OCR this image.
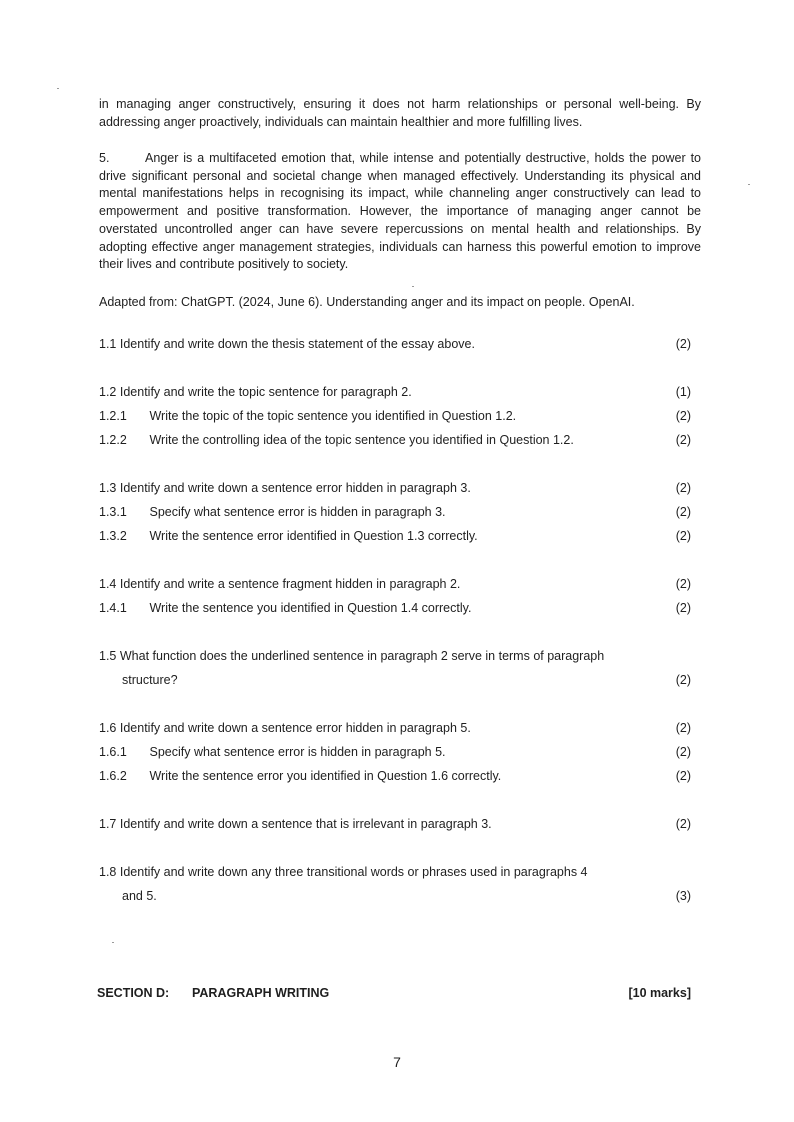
in managing anger constructively, ensuring it does not harm relationships or personal well-being. By addressing anger proactively, individuals can maintain healthier and more fulfilling lives.

5.	Anger is a multifaceted emotion that, while intense and potentially destructive, holds the power to drive significant personal and societal change when managed effectively. Understanding its physical and mental manifestations helps in recognising its impact, while channeling anger constructively can lead to empowerment and positive transformation. However, the importance of managing anger cannot be overstated uncontrolled anger can have severe repercussions on mental health and relationships. By adopting effective anger management strategies, individuals can harness this powerful emotion to improve their lives and contribute positively to society.

Adapted from: ChatGPT. (2024, June 6). Understanding anger and its impact on people. OpenAI.

1.1 Identify and write down the thesis statement of the essay above.	(2)
1.2 Identify and write the topic sentence for paragraph 2.	(1)
1.2.1 Write the topic of the topic sentence you identified in Question 1.2.	(2)
1.2.2 Write the controlling idea of the topic sentence you identified in Question 1.2.	(2)
1.3 Identify and write down a sentence error hidden in paragraph 3.	(2)
1.3.1 Specify what sentence error is hidden in paragraph 3.	(2)
1.3.2 Write the sentence error identified in Question 1.3 correctly.	(2)
1.4 Identify and write a sentence fragment hidden in paragraph 2.	(2)
1.4.1 Write the sentence you identified in Question 1.4 correctly.	(2)
1.5 What function does the underlined sentence in paragraph 2 serve in terms of paragraph
structure?	(2)
1.6 Identify and write down a sentence error hidden in paragraph 5.	(2)
1.6.1 Specify what sentence error is hidden in paragraph 5.	(2)
1.6.2 Write the sentence error you identified in Question 1.6 correctly.	(2)
1.7 Identify and write down a sentence that is irrelevant in paragraph 3.	(2)
1.8 Identify and write down any three transitional words or phrases used in paragraphs 4
and 5.	(3)
SECTION D: PARAGRAPH WRITING	[10 marks]
7
